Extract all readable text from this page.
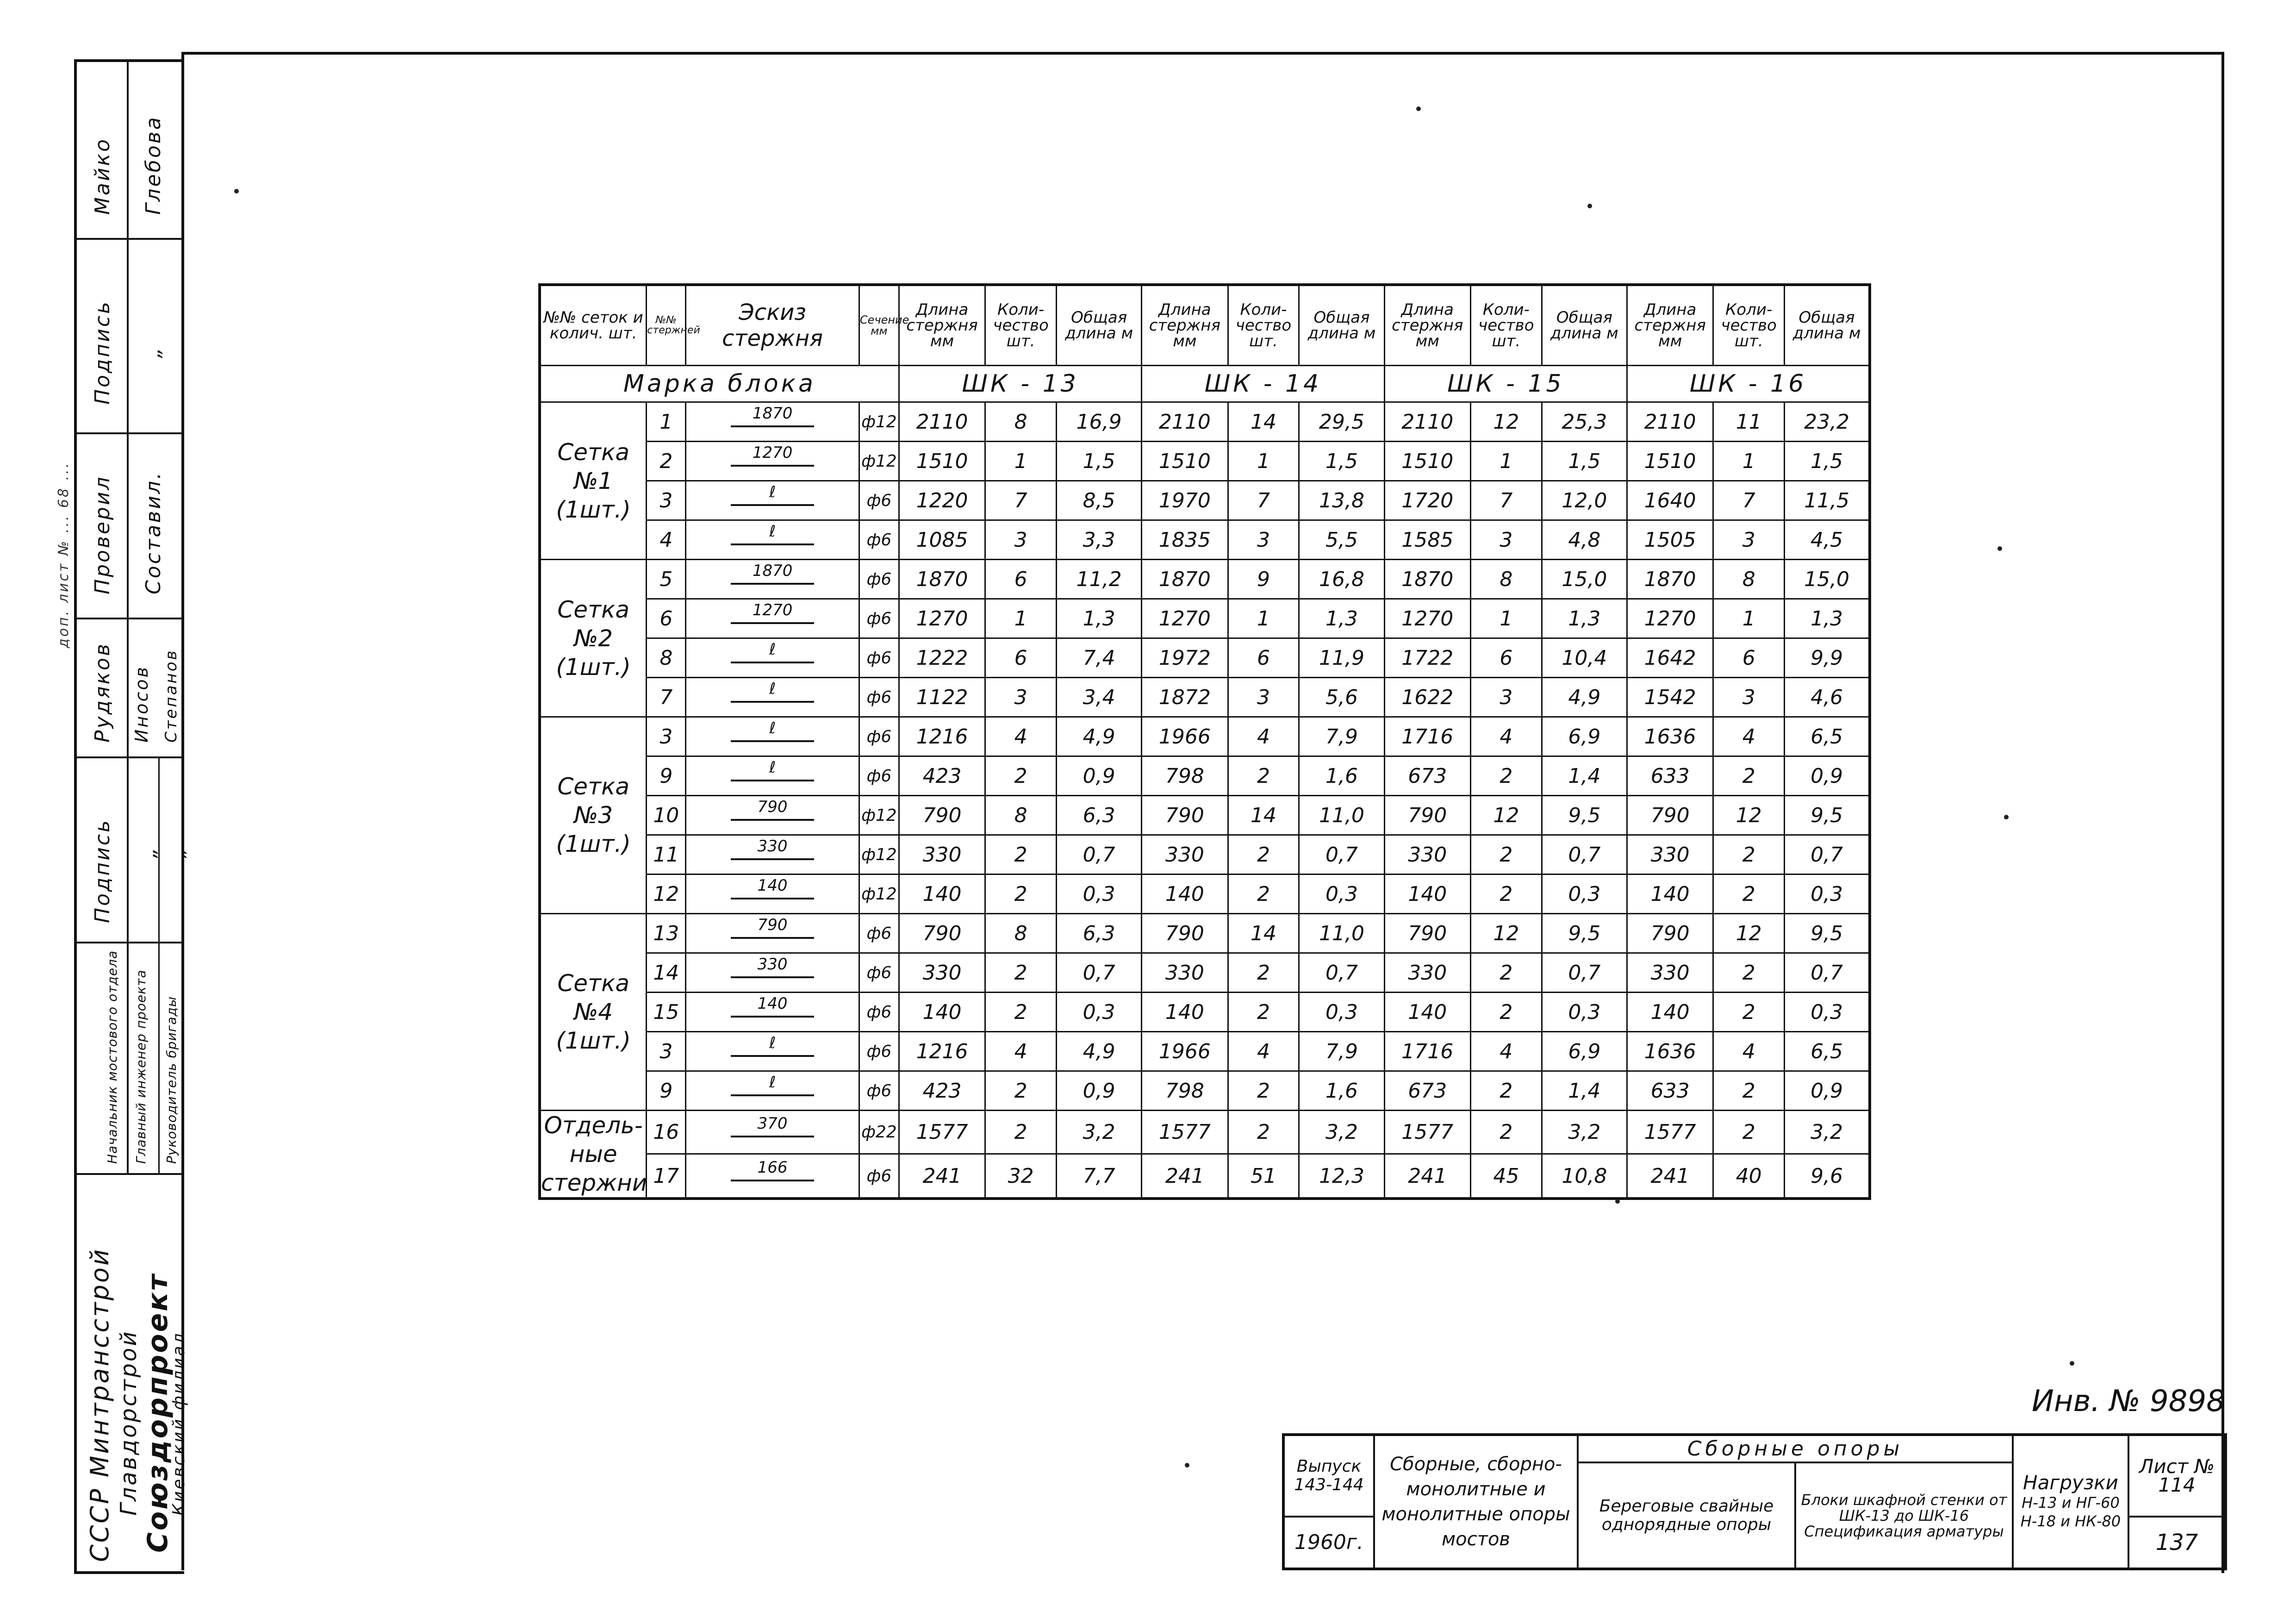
Майко Глебова
Подпись „
Проверил Составил.
Рудяков Иносов Степанов
Подпись „ „
Начальник мостового отдела Главный инженер проекта Руководитель бригады
СССР Минтрансстрой Главдорстрой Союздорпроект
Киевский филиал
доп. лист № ... 68 ...
№№ сеток и колич. шт.	№№ стержней	Эскиз стержня	Сечение мм	Длина стержня мм	Коли-чество шт.	Общая длина м	Длина стержня мм	Коли-чество шт.	Общая длина м	Длина стержня мм	Коли-чество шт.	Общая длина м	Длина стержня мм	Коли-чество шт.	Общая длина м
Марка блока				ШК - 13			ШК - 14			ШК - 15			ШК - 16		
Сетка №1 (1шт.)	1	1870	ф12	2110	8	16,9	2110	14	29,5	2110	12	25,3	2110	11	23,2
	2	1270	ф12	1510	1	1,5	1510	1	1,5	1510	1	1,5	1510	1	1,5
	3	ℓ	ф6	1220	7	8,5	1970	7	13,8	1720	7	12,0	1640	7	11,5
	4	ℓ	ф6	1085	3	3,3	1835	3	5,5	1585	3	4,8	1505	3	4,5
Сетка №2 (1шт.)	5	1870	ф6	1870	6	11,2	1870	9	16,8	1870	8	15,0	1870	8	15,0
	6	1270	ф6	1270	1	1,3	1270	1	1,3	1270	1	1,3	1270	1	1,3
	8	ℓ	ф6	1222	6	7,4	1972	6	11,9	1722	6	10,4	1642	6	9,9
	7	ℓ	ф6	1122	3	3,4	1872	3	5,6	1622	3	4,9	1542	3	4,6
Сетка №3 (1шт.)	3	ℓ	ф6	1216	4	4,9	1966	4	7,9	1716	4	6,9	1636	4	6,5
	9	ℓ	ф6	423	2	0,9	798	2	1,6	673	2	1,4	633	2	0,9
	10	790	ф12	790	8	6,3	790	14	11,0	790	12	9,5	790	12	9,5
	11	330	ф12	330	2	0,7	330	2	0,7	330	2	0,7	330	2	0,7
	12	140	ф12	140	2	0,3	140	2	0,3	140	2	0,3	140	2	0,3
Сетка №4 (1шт.)	13	790	ф6	790	8	6,3	790	14	11,0	790	12	9,5	790	12	9,5
	14	330	ф6	330	2	0,7	330	2	0,7	330	2	0,7	330	2	0,7
	15	140	ф6	140	2	0,3	140	2	0,3	140	2	0,3	140	2	0,3
	3	ℓ	ф6	1216	4	4,9	1966	4	7,9	1716	4	6,9	1636	4	6,5
	9	ℓ	ф6	423	2	0,9	798	2	1,6	673	2	1,4	633	2	0,9
Отдель-ные стержни	16	370	ф22	1577	2	3,2	1577	2	3,2	1577	2	3,2	1577	2	3,2
	17	166	ф6	241	32	7,7	241	51	12,3	241	45	10,8	241	40	9,6
Инв. № 9898
Выпуск
143-144	Сборные, сборно-монолитные и монолитные опоры мостов	Сборные опоры		Нагрузки
Н-13 и НГ-60 Н-18 и НК-80	Лист № 114
		Береговые свайные однорядные опоры	Блоки шкафной стенки от ШК-13 до ШК-16 Спецификация арматуры		
1960г.					137
